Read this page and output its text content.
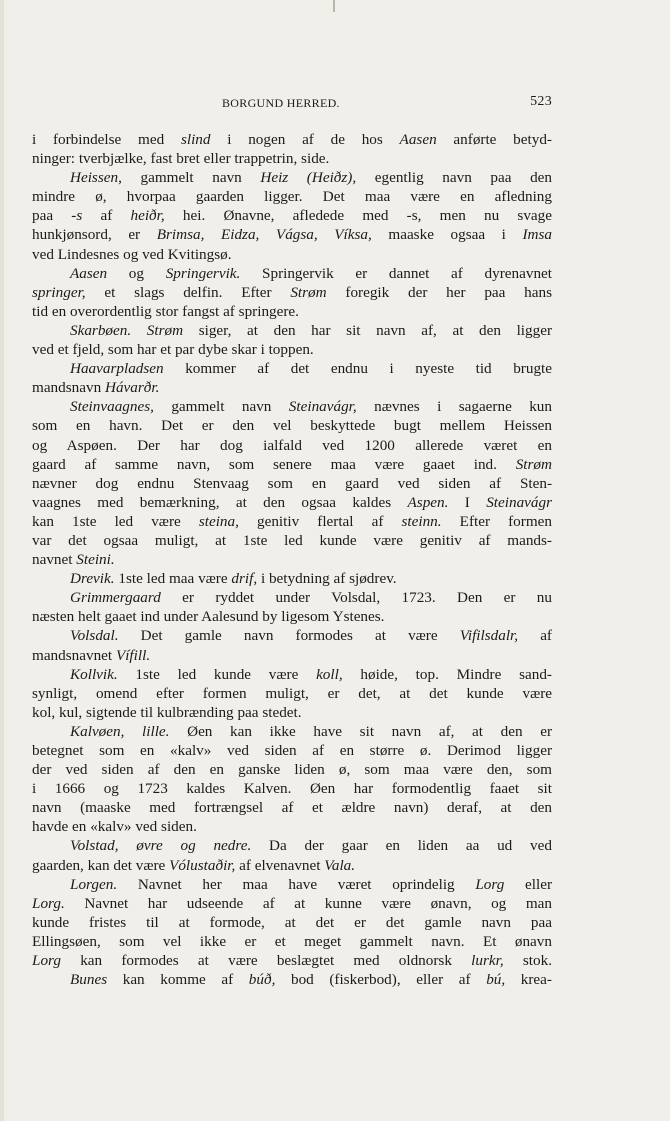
BORGUND HERRED.	523
i forbindelse med slind i nogen af de hos Aasen anførte betyd-
ninger: tverbjælke, fast bret eller trappetrin, side.
Heissen, gammelt navn Heiz (Heiðz), egentlig navn paa den
mindre ø, hvorpaa gaarden ligger. Det maa være en afledning
paa -s af heiðr, hei. Ønavne, afledede med -s, men nu svage
hunkjønsord, er Brimsa, Eidza, Vágsa, Víksa, maaske ogsaa i Imsa
ved Lindesnes og ved Kvitingsø.
Aasen og Springervik. Springervik er dannet af dyrenavnet
springer, et slags delfin. Efter Strøm foregik der her paa hans
tid en overordentlig stor fangst af springere.
Skarbøen. Strøm siger, at den har sit navn af, at den ligger
ved et fjeld, som har et par dybe skar i toppen.
Haavarpladsen kommer af det endnu i nyeste tid brugte
mandsnavn Hávarðr.
Steinvaagnes, gammelt navn Steinavágr, nævnes i sagaerne kun
som en havn. Det er den vel beskyttede bugt mellem Heissen
og Aspøen. Der har dog ialfald ved 1200 allerede været en
gaard af samme navn, som senere maa være gaaet ind. Strøm
nævner dog endnu Stenvaag som en gaard ved siden af Sten-
vaagnes med bemærkning, at den ogsaa kaldes Aspen. I Steinavágr
kan 1ste led være steina, genitiv flertal af steinn. Efter formen
var det ogsaa muligt, at 1ste led kunde være genitiv af mands-
navnet Steini.
Drevik. 1ste led maa være drif, i betydning af sjødrev.
Grimmergaard er ryddet under Volsdal, 1723. Den er nu
næsten helt gaaet ind under Aalesund by ligesom Ystenes.
Volsdal. Det gamle navn formodes at være Vifilsdalr, af
mandsnavnet Vífill.
Kollvik. 1ste led kunde være koll, høide, top. Mindre sand-
synligt, omend efter formen muligt, er det, at det kunde være
kol, kul, sigtende til kulbrænding paa stedet.
Kalvøen, lille. Øen kan ikke have sit navn af, at den er
betegnet som en «kalv» ved siden af en større ø. Derimod ligger
der ved siden af den en ganske liden ø, som maa være den, som
i 1666 og 1723 kaldes Kalven. Øen har formodentlig faaet sit
navn (maaske med fortrængsel af et ældre navn) deraf, at den
havde en «kalv» ved siden.
Volstad, øvre og nedre. Da der gaar en liden aa ud ved
gaarden, kan det være Vólustaðir, af elvenavnet Vala.
Lorgen. Navnet her maa have været oprindelig Lorg eller
Lorg. Navnet har udseende af at kunne være ønavn, og man
kunde fristes til at formode, at det er det gamle navn paa
Ellingsøen, som vel ikke er et meget gammelt navn. Et ønavn
Lorg kan formodes at være beslægtet med oldnorsk lurkr, stok.
Bunes kan komme af búð, bod (fiskerbod), eller af bú, krea-
